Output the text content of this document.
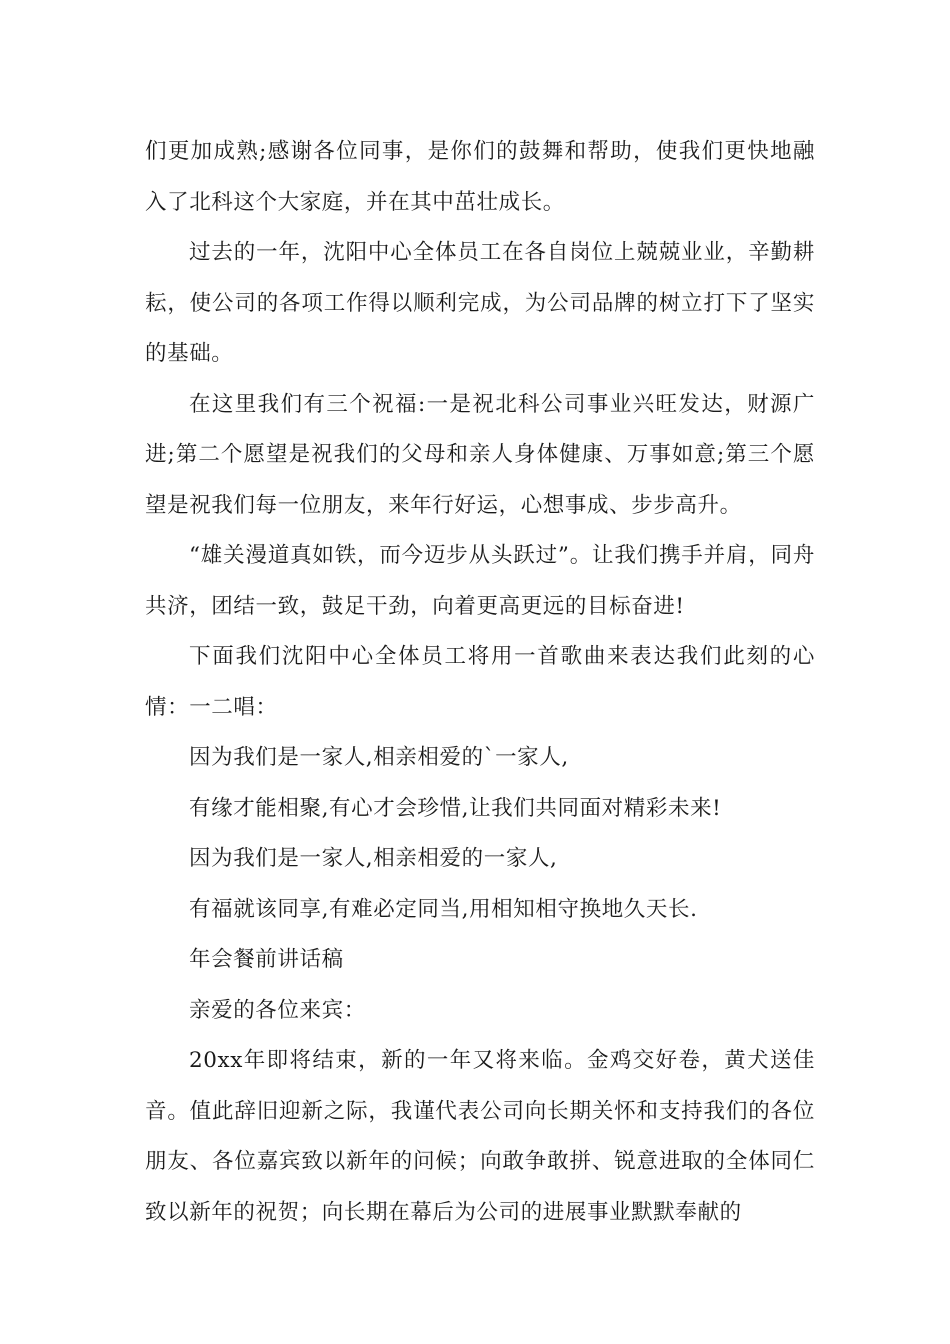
们更加成熟;感谢各位同事，是你们的鼓舞和帮助，使我们更快地融入了北科这个大家庭，并在其中茁壮成长。

过去的一年，沈阳中心全体员工在各自岗位上兢兢业业，辛勤耕耘，使公司的各项工作得以顺利完成，为公司品牌的树立打下了坚实的基础。

在这里我们有三个祝福:一是祝北科公司事业兴旺发达，财源广进;第二个愿望是祝我们的父母和亲人身体健康、万事如意;第三个愿望是祝我们每一位朋友，来年行好运，心想事成、步步高升。

“雄关漫道真如铁，而今迈步从头跃过”。让我们携手并肩，同舟共济，团结一致，鼓足干劲，向着更高更远的目标奋进!

下面我们沈阳中心全体员工将用一首歌曲来表达我们此刻的心情：一二唱：

因为我们是一家人,相亲相爱的`一家人,

有缘才能相聚,有心才会珍惜,让我们共同面对精彩未来!

因为我们是一家人,相亲相爱的一家人,

有福就该同享,有难必定同当,用相知相守换地久天长.

年会餐前讲话稿

亲爱的各位来宾：

20xx年即将结束，新的一年又将来临。金鸡交好卷，黄犬送佳音。值此辞旧迎新之际，我谨代表公司向长期关怀和支持我们的各位朋友、各位嘉宾致以新年的问候；向敢争敢拼、锐意进取的全体同仁致以新年的祝贺；向长期在幕后为公司的进展事业默默奉献的
